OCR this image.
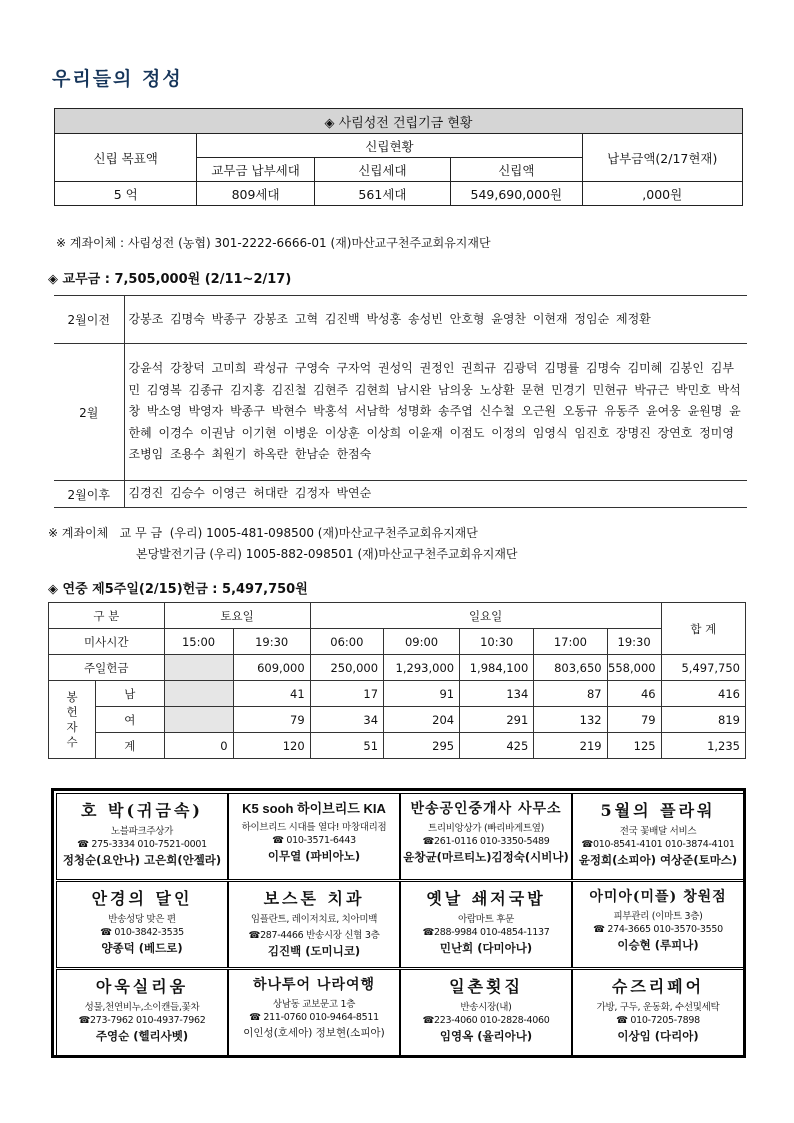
우리들의 정성
◈ 사림성전 건립기금 현황				
신립 목표액	신립현황			납부금액(2/17현재)
	교무금 납부세대	신립세대	신립액	
5 억	809세대	561세대	549,690,000원	,000원
※ 계좌이체 : 사림성전 (농협) 301-2222-6666-01 (재)마산교구천주교회유지재단
◈ 교무금 : 7,505,000원 (2/11~2/17)
2월이전	강봉조 김명숙 박종구 강봉조 고혁 김진백 박성홍 송성빈 안호형 윤영찬 이현재 정임순 제정환
2월	강윤석 강창덕 고미희 곽성규 구영숙 구자억 권성익 권정인 권희규 김광덕 김명률 김명숙 김미혜 김봉인 김부민 김영복 김종규 김지홍 김진철 김현주 김현희 남시완 남의웅 노상환 문현 민경기 민현규 박규근 박민호 박석창 박소영 박영자 박종구 박현수 박홍석 서남학 성명화 송주엽 신수철 오근원 오동규 유동주 윤여웅 윤원명 윤한혜 이경수 이권남 이기현 이병운 이상훈 이상희 이윤재 이점도 이정의 임영식 임진호 장명진 장연호 정미영 조병임 조용수 최원기 하옥란 한남순 한점숙
2월이후	김경진 김승수 이영근 허대란 김정자 박연순
※ 계좌이체   교 무 금  (우리) 1005-481-098500 (재)마산교구천주교회유지재단
본당발전기금 (우리) 1005-882-098501 (재)마산교구천주교회유지재단
◈ 연중 제5주일(2/15)헌금 : 5,497,750원
구 분		토요일		일요일					합 계
미사시간		15:00	19:30	06:00	09:00	10:30	17:00	19:30	
주일헌금			609,000	250,000	1,293,000	1,984,100	803,650	558,000	5,497,750
봉헌자수	남		41	17	91	134	87	46	416
	여		79	34	204	291	132	79	819
	계	0	120	51	295	425	219	125	1,235
호 박(귀금속)
노블파크주상가
☎ 275-3334 010-7521-0001
정청순(요안나) 고은희(안젤라)
K5 sooh 하이브리드 KIA
하이브리드 시대를 열다! 마창대리점
☎ 010-3571-6443
이무열 (파비아노)
반송공인중개사 사무소
트리비앙상가 (빠리바게트옆)
☎261-0116 010-3350-5489
윤창균(마르티노)김정숙(시비나)
5월의 플라워
전국 꽃배달 서비스
☎010-8541-4101 010-3874-4101
윤정희(소피아) 여상준(토마스)
안경의 달인
반송성당 맞은 편
☎ 010-3842-3535
양종덕 (베드로)
보스톤 치과
임플란트, 레이저치료, 치아미백
☎287-4466 반송시장 신협 3층
김진백 (도미니코)
옛날 쇄저국밥
아람마트 후문
☎288-9984 010-4854-1137
민난희 (다미아나)
아미아(미플) 창원점
피부관리 (이마트 3층)
☎ 274-3665 010-3570-3550
이승현 (루피나)
아욱실리움
성물,천연비누,소이캔들,꽃차
☎273-7962 010-4937-7962
주영순 (헬리사벳)
하나투어 나라여행
상남동 교보문고 1층
☎ 211-0760 010-9464-8511
이인성(호세아) 정보현(소피아)
일촌횟집
반송시장(내)
☎223-4060 010-2828-4060
임영옥 (율리아나)
슈즈리페어
가방, 구두, 운동화, 수선및세탁
☎ 010-7205-7898
이상임 (다리아)
